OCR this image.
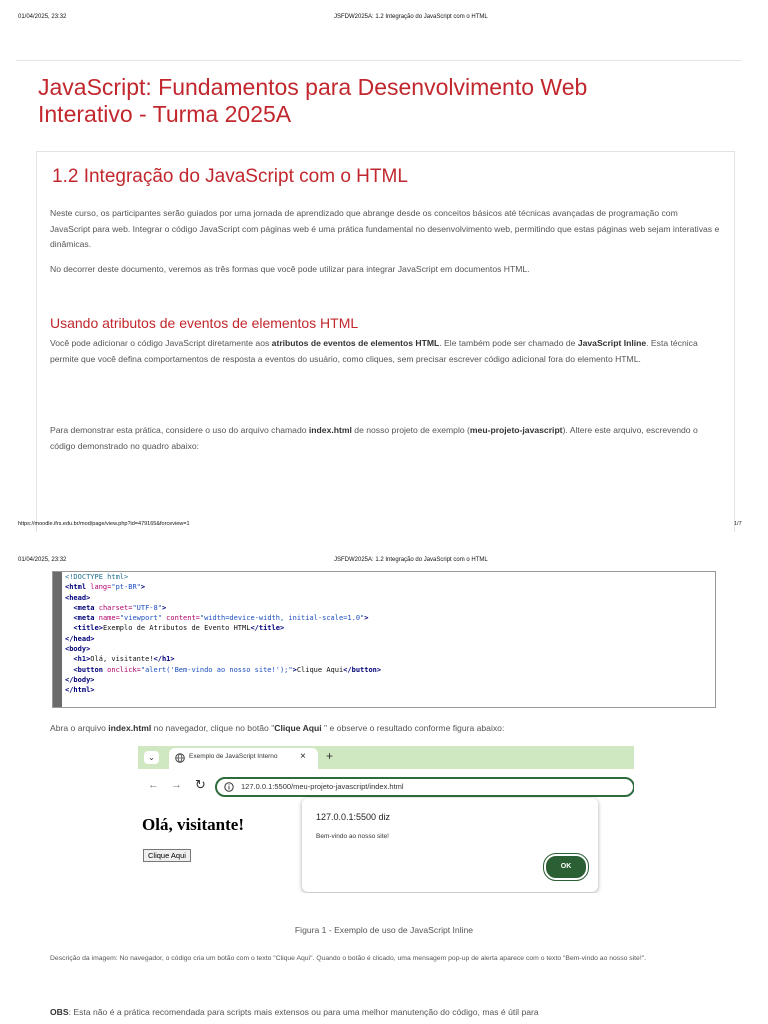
01/04/2025, 23:32	JSFDW2025A: 1.2 Integração do JavaScript com o HTML
JavaScript: Fundamentos para Desenvolvimento Web
Interativo - Turma 2025A
1.2 Integração do JavaScript com o HTML
Neste curso, os participantes serão guiados por uma jornada de aprendizado que abrange desde os conceitos básicos até técnicas avançadas de programação com JavaScript para web. Integrar o código JavaScript com páginas web é uma prática fundamental no desenvolvimento web, permitindo que estas páginas web sejam interativas e dinâmicas.
No decorrer deste documento, veremos as três formas que você pode utilizar para integrar JavaScript em documentos HTML.
Usando atributos de eventos de elementos HTML
Você pode adicionar o código JavaScript diretamente aos atributos de eventos de elementos HTML. Ele também pode ser chamado de JavaScript Inline. Esta técnica permite que você defina comportamentos de resposta a eventos do usuário, como cliques, sem precisar escrever código adicional fora do elemento HTML.
Para demonstrar esta prática, considere o uso do arquivo chamado index.html de nosso projeto de exemplo (meu-projeto-javascript). Altere este arquivo, escrevendo o código demonstrado no quadro abaixo:
https://moodle.ifrs.edu.br/mod/page/view.php?id=479165&forceview=1	1/7
01/04/2025, 23:32	JSFDW2025A: 1.2 Integração do JavaScript com o HTML
<!DOCTYPE html>
<html lang="pt-BR">
<head>
<meta charset="UTF-8">
<meta name="viewport" content="width=device-width, initial-scale=1.0">
<title>Exemplo de Atributos de Evento HTML</title>
</head>
<body>
<h1>Olá, visitante!</h1>
<button onclick="alert('Bem-vindo ao nosso site!');">Clique Aqui</button>
</body>
</html>
Abra o arquivo index.html no navegador, clique no botão "Clique Aqui " e observe o resultado conforme figura abaixo:
⌄	Exemplo de JavaScript Interno × +
← → ↻	127.0.0.1:5500/meu-projeto-javascript/index.html
Olá, visitante!
Clique Aqui
127.0.0.1:5500 diz
Bem-vindo ao nosso site!
OK
Figura 1 - Exemplo de uso de JavaScript Inline
Descrição da imagem: No navegador, o código cria um botão com o texto "Clique Aqui". Quando o botão é clicado, uma mensagem pop-up de alerta aparece com o texto "Bem-vindo ao nosso site!".
OBS: Esta não é a prática recomendada para scripts mais extensos ou para uma melhor manutenção do código, mas é útil para
